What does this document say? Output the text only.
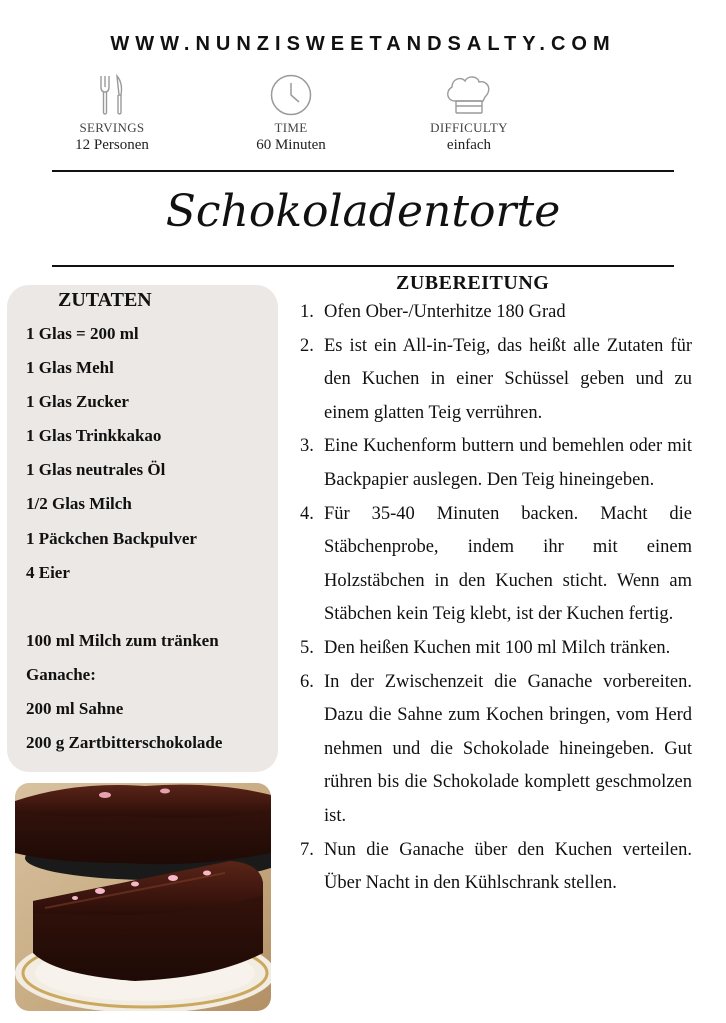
WWW.NUNZISWEETANDSALTY.COM
SERVINGS
12 Personen
TIME
60 Minuten
DIFFICULTY
einfach
Schokoladentorte
ZUTATEN
1 Glas = 200 ml
1 Glas Mehl
1 Glas Zucker
1 Glas Trinkkakao
1 Glas neutrales Öl
1/2 Glas Milch
1 Päckchen Backpulver
4 Eier
100 ml Milch zum tränken
Ganache:
200 ml Sahne
200 g Zartbitterschokolade
ZUBEREITUNG
1. Ofen Ober-/Unterhitze 180 Grad
2. Es ist ein All-in-Teig, das heißt alle Zutaten für den Kuchen in einer Schüssel geben und zu einem glatten Teig verrühren.
3. Eine Kuchenform buttern und bemehlen oder mit Backpapier auslegen. Den Teig hineingeben.
4. Für 35-40 Minuten backen. Macht die Stäbchenprobe, indem ihr mit einem Holzstäbchen in den Kuchen sticht. Wenn am Stäbchen kein Teig klebt, ist der Kuchen fertig.
5. Den heißen Kuchen mit 100 ml Milch tränken.
6. In der Zwischenzeit die Ganache vorbereiten. Dazu die Sahne zum Kochen bringen, vom Herd nehmen und die Schokolade hineingeben. Gut rühren bis die Schokolade komplett geschmolzen ist.
7. Nun die Ganache über den Kuchen verteilen. Über Nacht in den Kühlschrank stellen.
